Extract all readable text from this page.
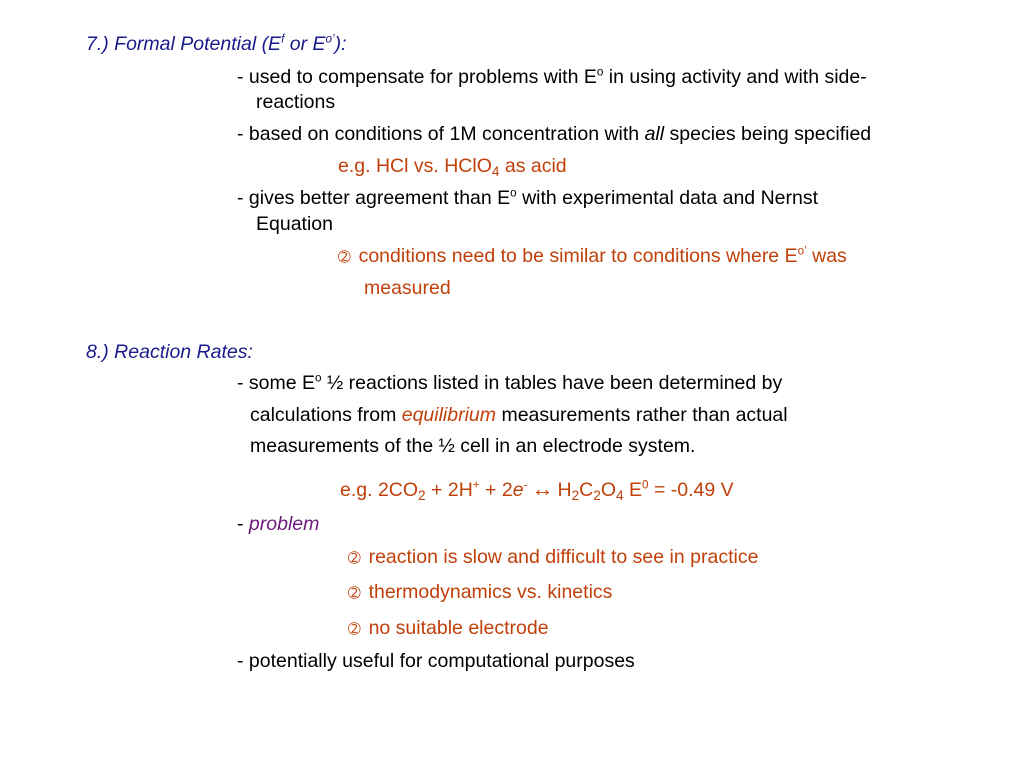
7.) Formal Potential ($E^f$ or $E^{o’}$):
- used to compensate for problems with $E^o$ in using activity and with side-
reactions
- based on conditions of 1M concentration with all species being specified
e.g. HCl vs. HClO$_4$ as acid
- gives better agreement than $E^o$ with experimental data and Nernst
Equation
➁ conditions need to be similar to conditions where $E^{o’}$ was
measured
8.) Reaction Rates:
- some $E^o$ ½ reactions listed in tables have been determined by
calculations from equilibrium measurements rather than actual
measurements of the ½ cell in an electrode system.
e.g. $2CO_2 + 2H^+ + 2e^-$ ↔ $H_2C_2O_4$ $E^0 = -0.49$ V
- problem
➁ reaction is slow and difficult to see in practice
➁ thermodynamics vs. kinetics
➁ no suitable electrode
- potentially useful for computational purposes
